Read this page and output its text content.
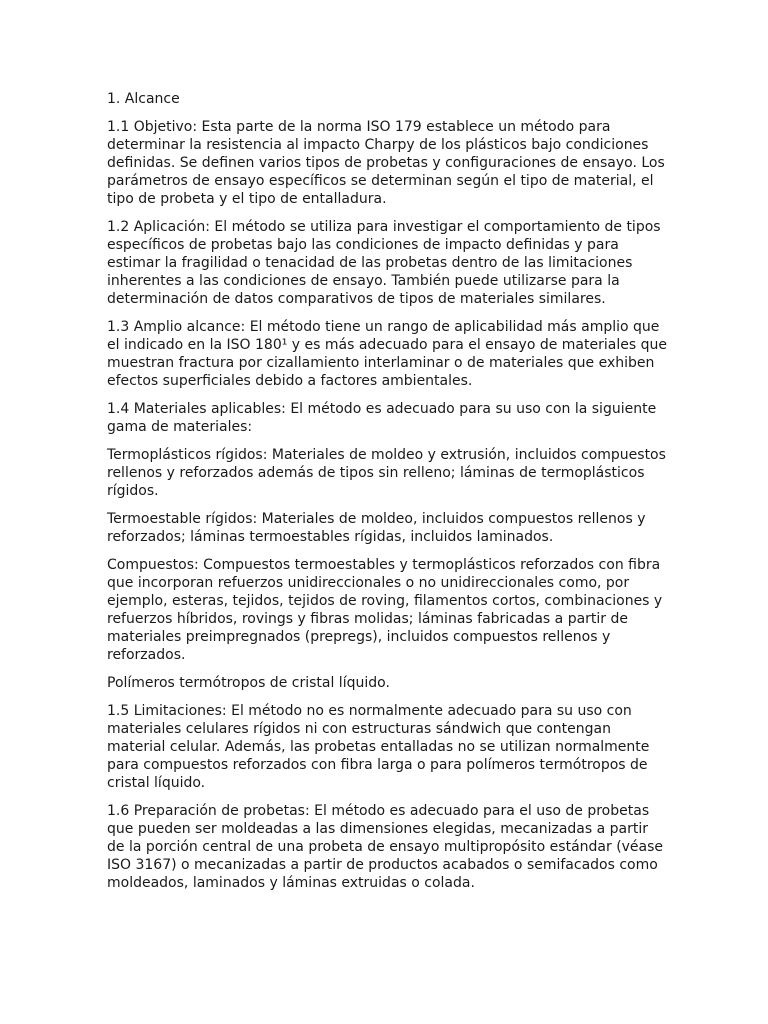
1. Alcance

1.1 Objetivo: Esta parte de la norma ISO 179 establece un método para determinar la resistencia al impacto Charpy de los plásticos bajo condiciones definidas. Se definen varios tipos de probetas y configuraciones de ensayo. Los parámetros de ensayo específicos se determinan según el tipo de material, el tipo de probeta y el tipo de entalladura.

1.2 Aplicación: El método se utiliza para investigar el comportamiento de tipos específicos de probetas bajo las condiciones de impacto definidas y para estimar la fragilidad o tenacidad de las probetas dentro de las limitaciones inherentes a las condiciones de ensayo. También puede utilizarse para la determinación de datos comparativos de tipos de materiales similares.

1.3 Amplio alcance: El método tiene un rango de aplicabilidad más amplio que el indicado en la ISO 180¹ y es más adecuado para el ensayo de materiales que muestran fractura por cizallamiento interlaminar o de materiales que exhiben efectos superficiales debido a factores ambientales.

1.4 Materiales aplicables: El método es adecuado para su uso con la siguiente gama de materiales:

Termoplásticos rígidos: Materiales de moldeo y extrusión, incluidos compuestos rellenos y reforzados además de tipos sin relleno; láminas de termoplásticos rígidos.

Termoestable rígidos: Materiales de moldeo, incluidos compuestos rellenos y reforzados; láminas termoestables rígidas, incluidos laminados.

Compuestos: Compuestos termoestables y termoplásticos reforzados con fibra que incorporan refuerzos unidireccionales o no unidireccionales como, por ejemplo, esteras, tejidos, tejidos de roving, filamentos cortos, combinaciones y refuerzos híbridos, rovings y fibras molidas; láminas fabricadas a partir de materiales preimpregnados (prepregs), incluidos compuestos rellenos y reforzados.

Polímeros termótropos de cristal líquido.

1.5 Limitaciones: El método no es normalmente adecuado para su uso con materiales celulares rígidos ni con estructuras sándwich que contengan material celular. Además, las probetas entalladas no se utilizan normalmente para compuestos reforzados con fibra larga o para polímeros termótropos de cristal líquido.

1.6 Preparación de probetas: El método es adecuado para el uso de probetas que pueden ser moldeadas a las dimensiones elegidas, mecanizadas a partir de la porción central de una probeta de ensayo multipropósito estándar (véase ISO 3167) o mecanizadas a partir de productos acabados o semifacados como moldeados, laminados y láminas extruidas o colada.
